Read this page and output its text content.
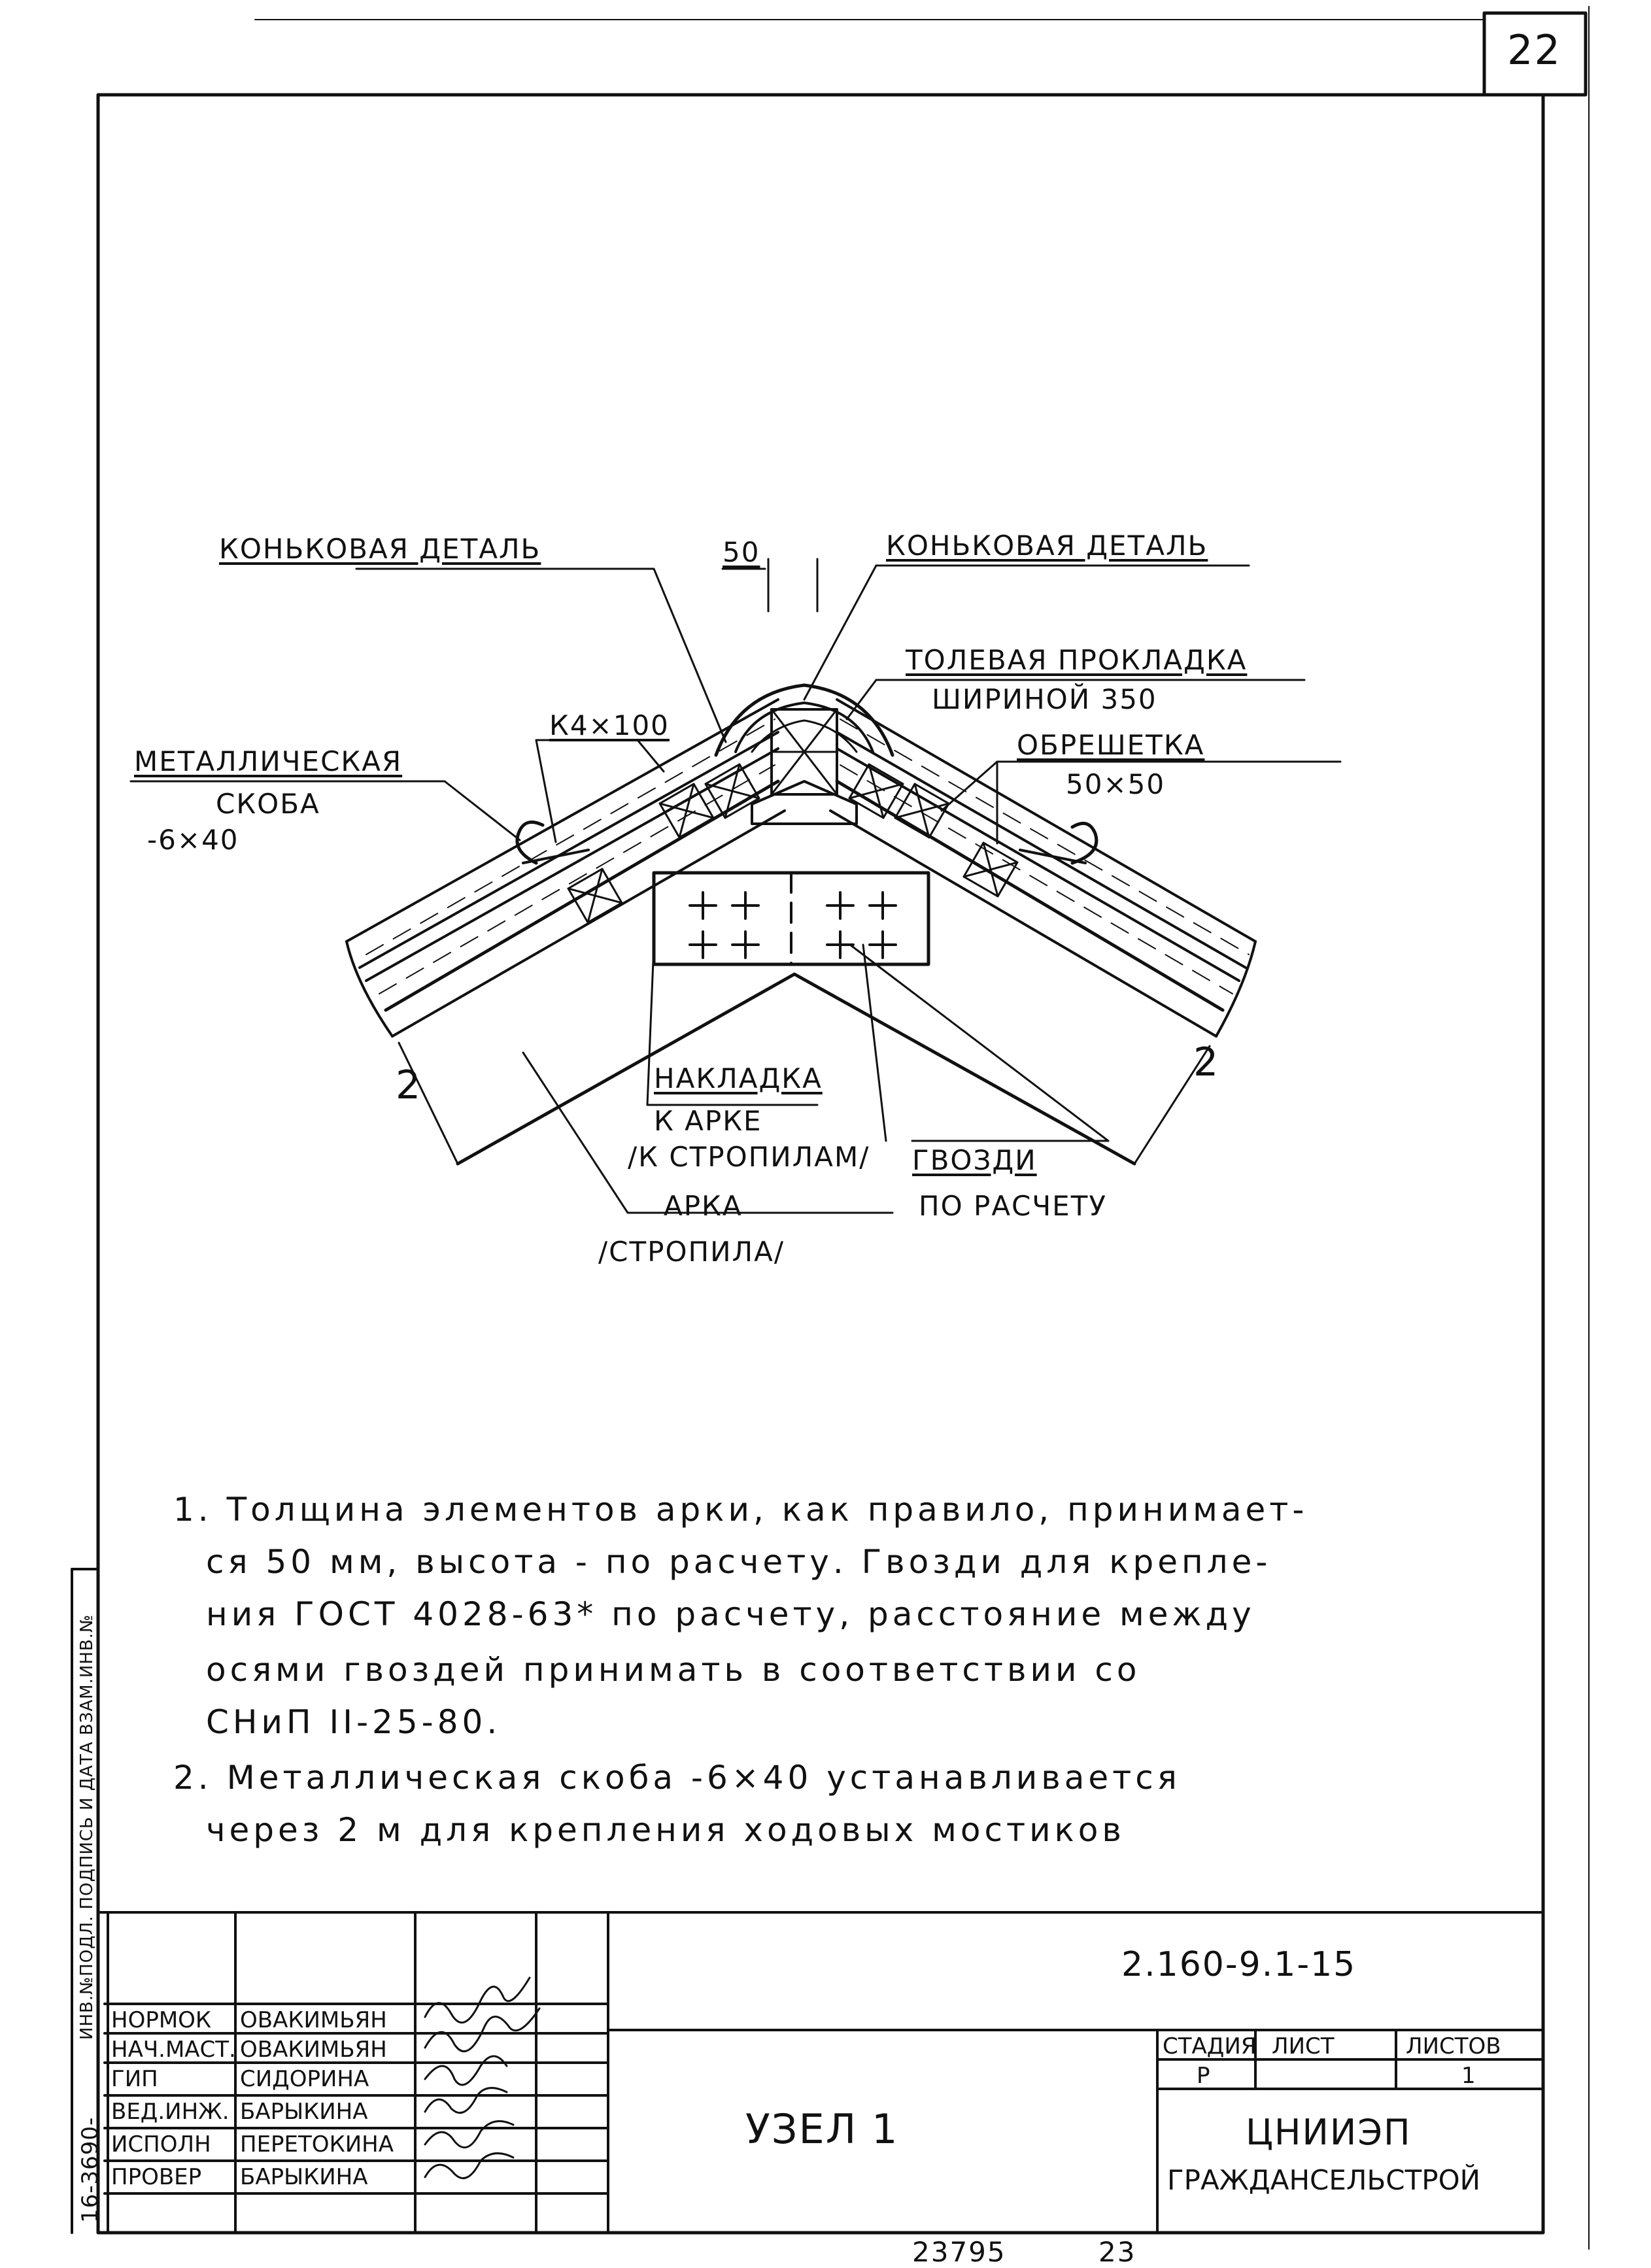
22
КОНЬКОВАЯ ДЕТАЛЬ	50	КОНЬКОВАЯ ДЕТАЛЬ
ТОЛЕВАЯ ПРОКЛАДКА
ШИРИНОЙ 350
К4×100
МЕТАЛЛИЧЕСКАЯ
СКОБА
-6×40
ОБРЕШЕТКА
50×50
НАКЛАДКА
К АРКЕ
/К СТРОПИЛАМ/ ГВОЗДИ
ПО РАСЧЕТУ
АРКА
/СТРОПИЛА/
2	2
1. Толщина элементов арки, как правило, принимает-
ся 50 мм, высота - по расчету. Гвозди для крепле-
ния ГОСТ 4028-63* по расчету, расстояние между
осями гвоздей принимать в соответствии со
СНиП II-25-80.
2. Металлическая скоба -6×40 устанавливается
через 2 м для крепления ходовых мостиков
2.160-9.1-15
УЗЕЛ 1
СТАДИЯ ЛИСТ	ЛИСТОВ
Р	1
ЦНИИЭП
ГРАЖДАНСЕЛЬСТРОЙ
НОРМОК ОВАКИМЬЯН
НАЧ.МАСТ. ОВАКИМЬЯН
ГИП	СИДОРИНА
ВЕД.ИНЖ. БАРЫКИНА
ИСПОЛН ПЕРЕТОКИНА
ПРОВЕР БАРЫКИНА
16-3690-
ИНВ.№ПОДЛ. ПОДПИСЬ И ДАТА ВЗАМ.ИНВ.№
23795	23
